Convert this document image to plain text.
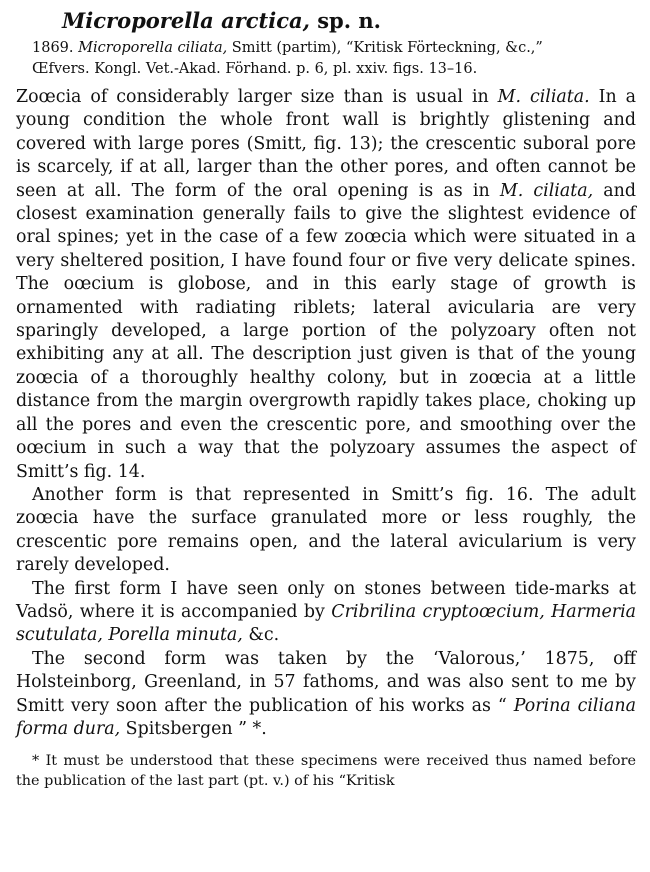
Microporella arctica, sp. n.
1869. Microporella ciliata, Smitt (partim), “Kritisk Förteckning, &c.,”
Œfvers. Kongl. Vet.-Akad. Förhand. p. 6, pl. xxiv. figs. 13–16.

Zoœcia of considerably larger size than is usual in M. ciliata. In a young condition the whole front wall is brightly glistening and covered with large pores (Smitt, fig. 13); the crescentic suboral pore is scarcely, if at all, larger than the other pores, and often cannot be seen at all. The form of the oral opening is as in M. ciliata, and closest examination generally fails to give the slightest evidence of oral spines; yet in the case of a few zoœcia which were situated in a very sheltered position, I have found four or five very delicate spines. The oœcium is globose, and in this early stage of growth is ornamented with radiating riblets; lateral avicularia are very sparingly developed, a large portion of the polyzoary often not exhibiting any at all. The description just given is that of the young zoœcia of a thoroughly healthy colony, but in zoœcia at a little distance from the margin overgrowth rapidly takes place, choking up all the pores and even the crescentic pore, and smoothing over the oœcium in such a way that the polyzoary assumes the aspect of Smitt’s fig. 14.

Another form is that represented in Smitt’s fig. 16. The adult zoœcia have the surface granulated more or less roughly, the crescentic pore remains open, and the lateral avicularium is very rarely developed.

The first form I have seen only on stones between tide-marks at Vadsö, where it is accompanied by Cribrilina cryptoœcium, Harmeria scutulata, Porella minuta, &c.

The second form was taken by the ‘Valorous,’ 1875, off Holsteinborg, Greenland, in 57 fathoms, and was also sent to me by Smitt very soon after the publication of his works as “ Porina ciliana forma dura, Spitsbergen ” *.

* It must be understood that these specimens were received thus named before the publication of the last part (pt. v.) of his “Kritisk
